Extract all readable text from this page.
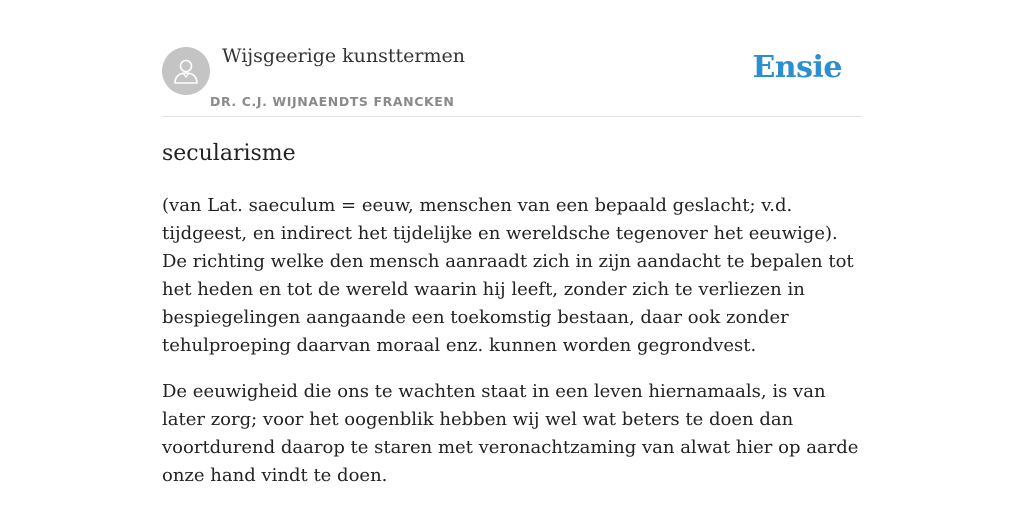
Wijsgeerige kunsttermen
DR. C.J. WIJNAENDTS FRANCKEN
Ensie
secularisme

(van Lat. saeculum = eeuw, menschen van een bepaald geslacht; v.d. tijdgeest, en indirect het tijdelijke en wereldsche tegenover het eeuwige). De richting welke den mensch aanraadt zich in zijn aandacht te bepalen tot het heden en tot de wereld waarin hij leeft, zonder zich te verliezen in bespiegelingen aangaande een toekomstig bestaan, daar ook zonder tehulproeping daarvan moraal enz. kunnen worden gegrondvest.

De eeuwigheid die ons te wachten staat in een leven hiernamaals, is van later zorg; voor het oogenblik hebben wij wel wat beters te doen dan voortdurend daarop te staren met veronachtzaming van alwat hier op aarde onze hand vindt te doen.
